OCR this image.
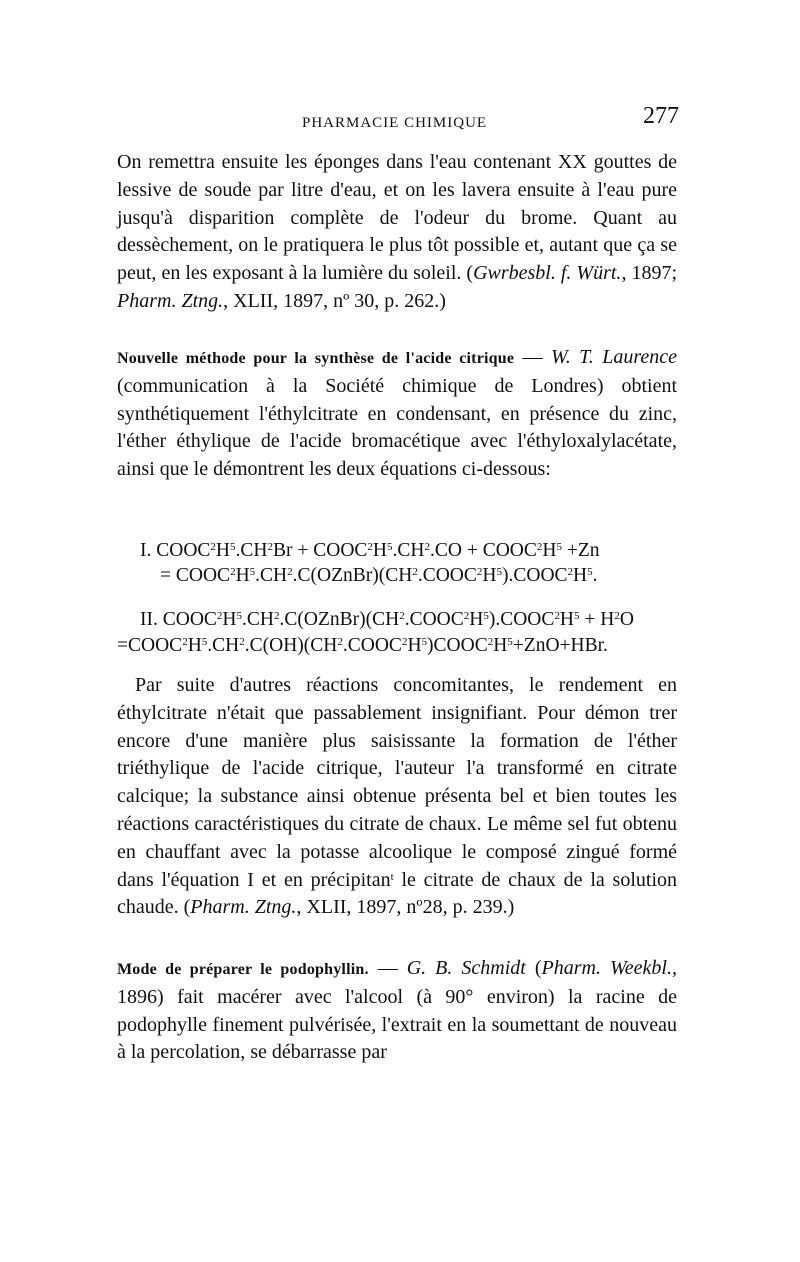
PHARMACIE CHIMIQUE	277

On remettra ensuite les éponges dans l'eau contenant XX gouttes de lessive de soude par litre d'eau, et on les lavera ensuite à l'eau pure jusqu'à disparition complète de l'odeur du brome. Quant au dessèchement, on le pratiquera le plus tôt possible et, autant que ça se peut, en les exposant à la lumière du soleil. (Gwrbesbl. f. Würt., 1897; Pharm. Ztng., XLII, 1897, nº 30, p. 262.)

Nouvelle méthode pour la synthèse de l'acide citrique — W. T. Laurence (communication à la Société chimique de Londres) obtient synthétiquement l'éthylcitrate en condensant, en présence du zinc, l'éther éthylique de l'acide bromacétique avec l'éthyloxalylacétate, ainsi que le démontrent les deux équations ci-dessous:

I. $COOC^2H^5.CH^2Br$ + $COOC^2H^5.CH^2.CO$ + $COOC^2H^5 +Zn$
= $COOC^2H^5.CH^2.C(OZnBr)(CH^2.COOC^2H^5).COOC^2H^5$.
II. $COOC^2H^5.CH^2.C(OZnBr)(CH^2.COOC^2H^5).COOC^2H^5 + H^2O$
$=COOC^2H^5.CH^2.C(OH)(CH^2.COOC^2H^5)COOC^2H^5+ZnO+HBr$.

Par suite d'autres réactions concomitantes, le rendement en éthylcitrate n'était que passablement insignifiant. Pour démon trer encore d'une manière plus saisissante la formation de l'éther triéthylique de l'acide citrique, l'auteur l'a transformé en citrate calcique; la substance ainsi obtenue présenta bel et bien toutes les réactions caractéristiques du citrate de chaux. Le même sel fut obtenu en chauffant avec la potasse alcoolique le composé zingué formé dans l'équation I et en précipitan$^t$ le citrate de chaux de la solution chaude. (Pharm. Ztng., XLII, 1897, nº28, p. 239.)

Mode de préparer le podophyllin. — G. B. Schmidt (Pharm. Weekbl., 1896) fait macérer avec l'alcool (à 90° environ) la racine de podophylle finement pulvérisée, l'extrait en la soumettant de nouveau à la percolation, se débarrasse par
